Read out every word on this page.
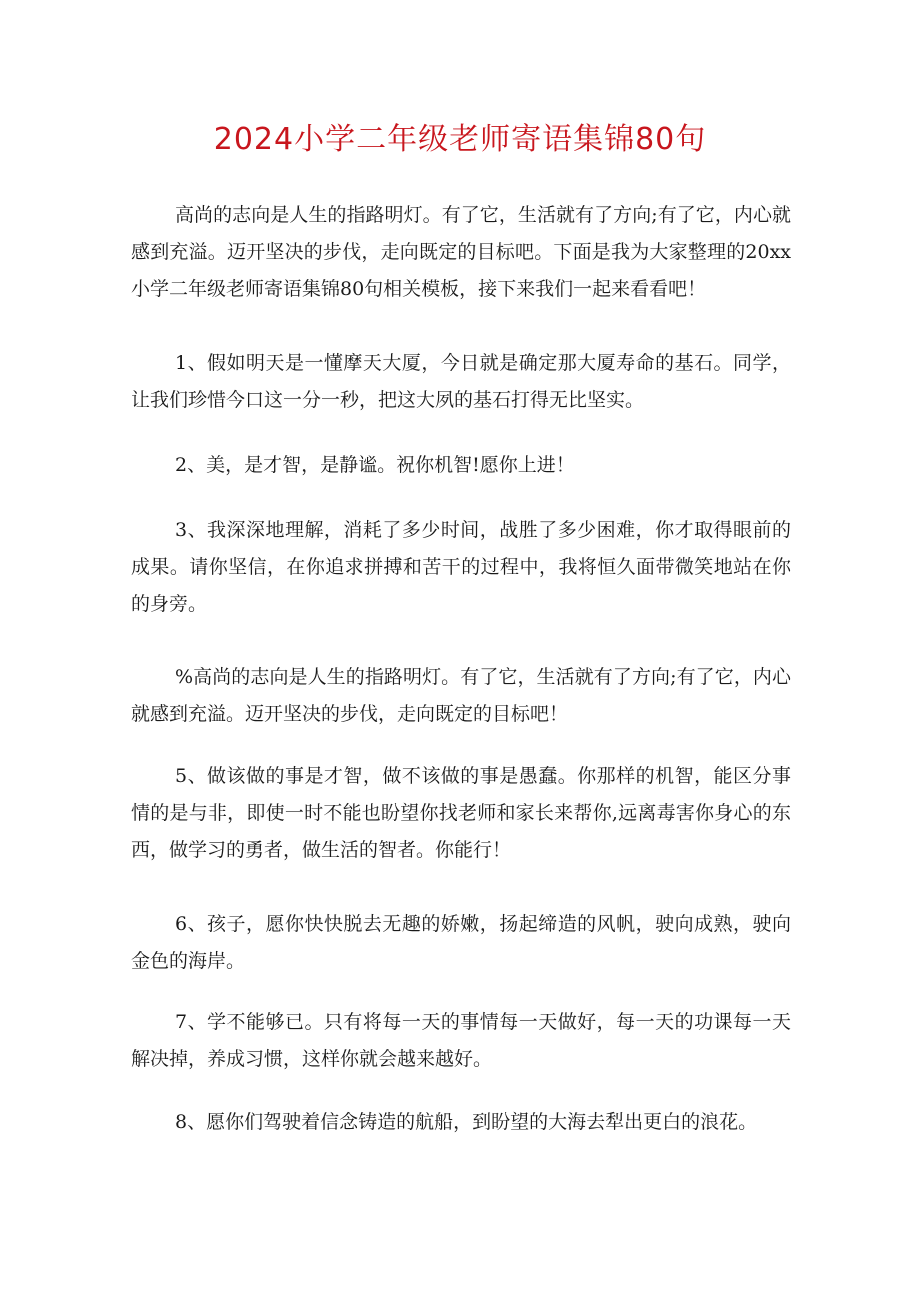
2024小学二年级老师寄语集锦80句

高尚的志向是人生的指路明灯。有了它，生活就有了方向;有了它，内心就感到充溢。迈开坚决的步伐，走向既定的目标吧。下面是我为大家整理的20xx小学二年级老师寄语集锦80句相关模板，接下来我们一起来看看吧！

1、假如明天是一懂摩天大厦，今日就是确定那大厦寿命的基石。同学，让我们珍惜今口这一分一秒，把这大夙的基石打得无比坚实。

2、美，是才智，是静谧。祝你机智!愿你上进！

3、我深深地理解，消耗了多少时间，战胜了多少困难，你才取得眼前的成果。请你坚信，在你追求拼搏和苦干的过程中，我将恒久面带微笑地站在你的身旁。

%高尚的志向是人生的指路明灯。有了它，生活就有了方向;有了它，内心就感到充溢。迈开坚决的步伐，走向既定的目标吧！

5、做该做的事是才智，做不该做的事是愚蠢。你那样的机智，能区分事情的是与非，即使一时不能也盼望你找老师和家长来帮你,远离毒害你身心的东西，做学习的勇者，做生活的智者。你能行！

6、孩子，愿你快快脱去无趣的娇嫩，扬起缔造的风帆，驶向成熟，驶向金色的海岸。

7、学不能够已。只有将每一天的事情每一天做好，每一天的功课每一天解决掉，养成习惯，这样你就会越来越好。

8、愿你们驾驶着信念铸造的航船，到盼望的大海去犁出更白的浪花。
